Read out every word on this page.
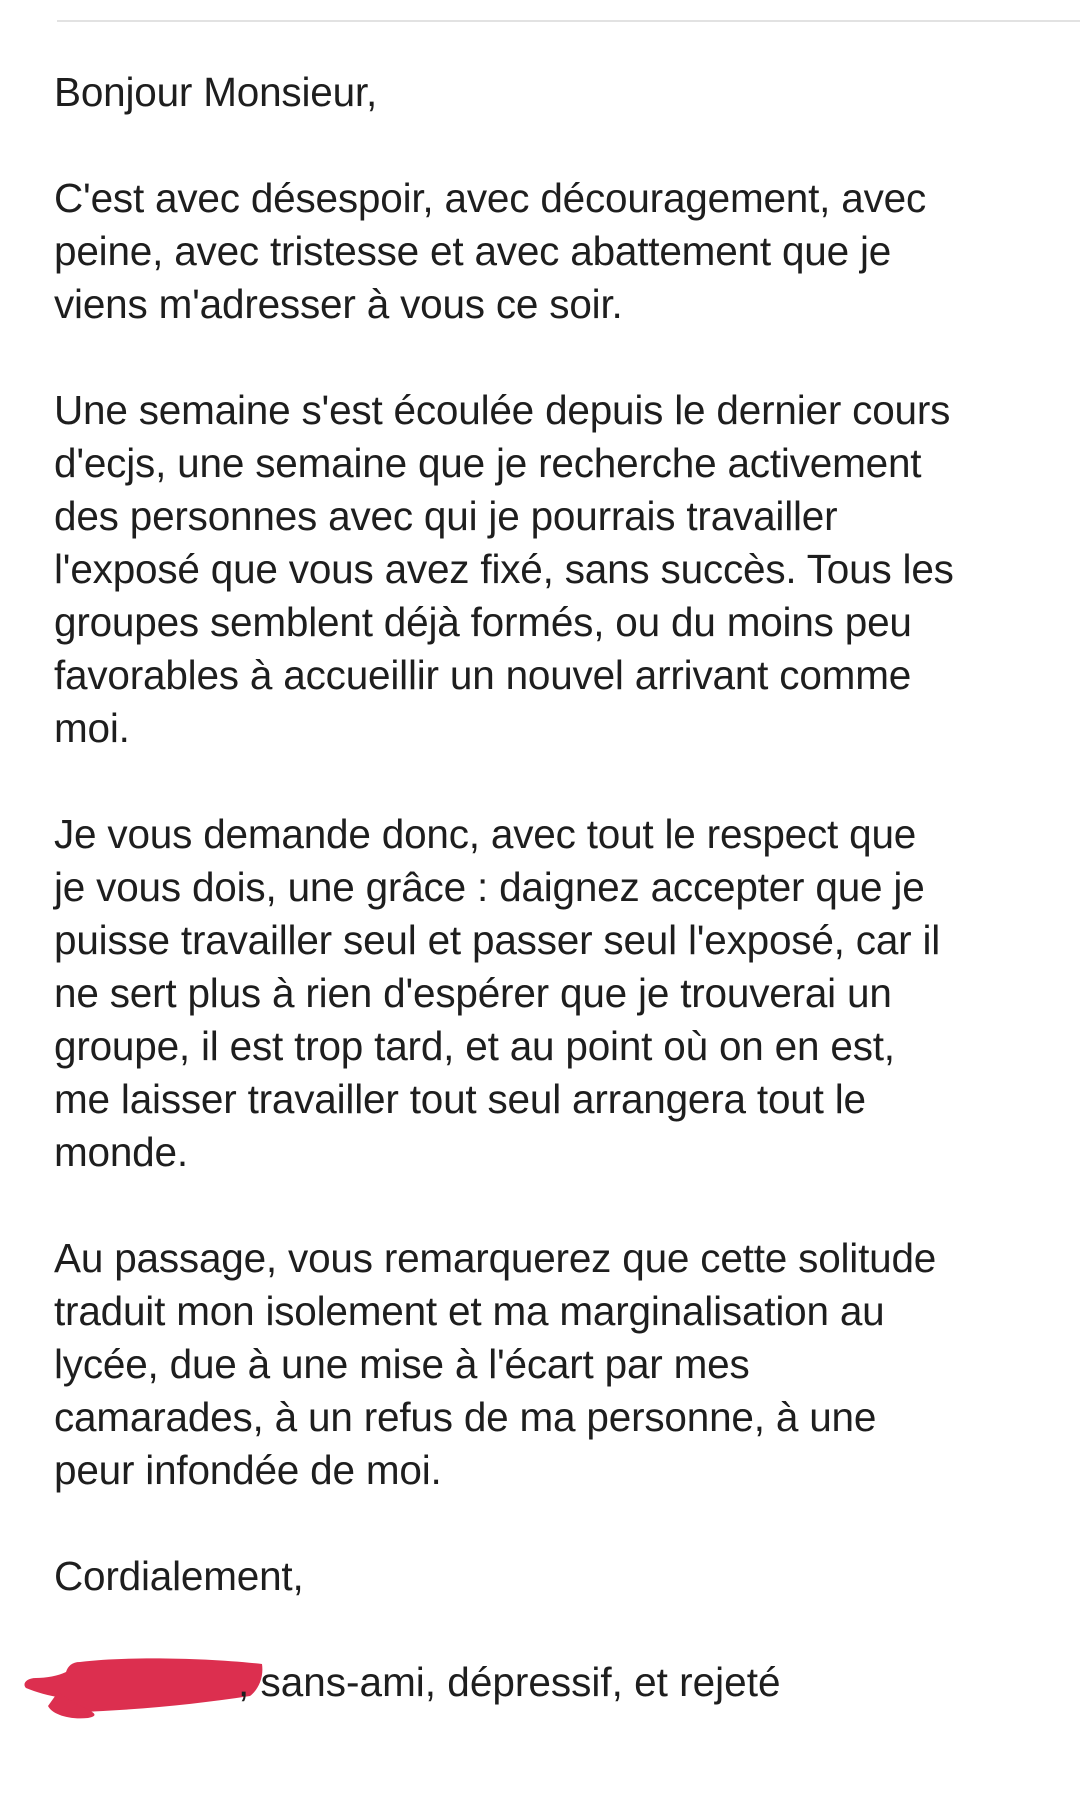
Bonjour Monsieur,

C'est avec désespoir, avec découragement, avec
peine, avec tristesse et avec abattement que je
viens m'adresser à vous ce soir.

Une semaine s'est écoulée depuis le dernier cours
d'ecjs, une semaine que je recherche activement
des personnes avec qui je pourrais travailler
l'exposé que vous avez fixé, sans succès. Tous les
groupes semblent déjà formés, ou du moins peu
favorables à accueillir un nouvel arrivant comme
moi.

Je vous demande donc, avec tout le respect que
je vous dois, une grâce : daignez accepter que je
puisse travailler seul et passer seul l'exposé, car il
ne sert plus à rien d'espérer que je trouverai un
groupe, il est trop tard, et au point où on en est,
me laisser travailler tout seul arrangera tout le
monde.

Au passage, vous remarquerez que cette solitude
traduit mon isolement et ma marginalisation au
lycée, due à une mise à l'écart par mes
camarades, à un refus de ma personne, à une
peur infondée de moi.

Cordialement,

, sans-ami, dépressif, et rejeté
